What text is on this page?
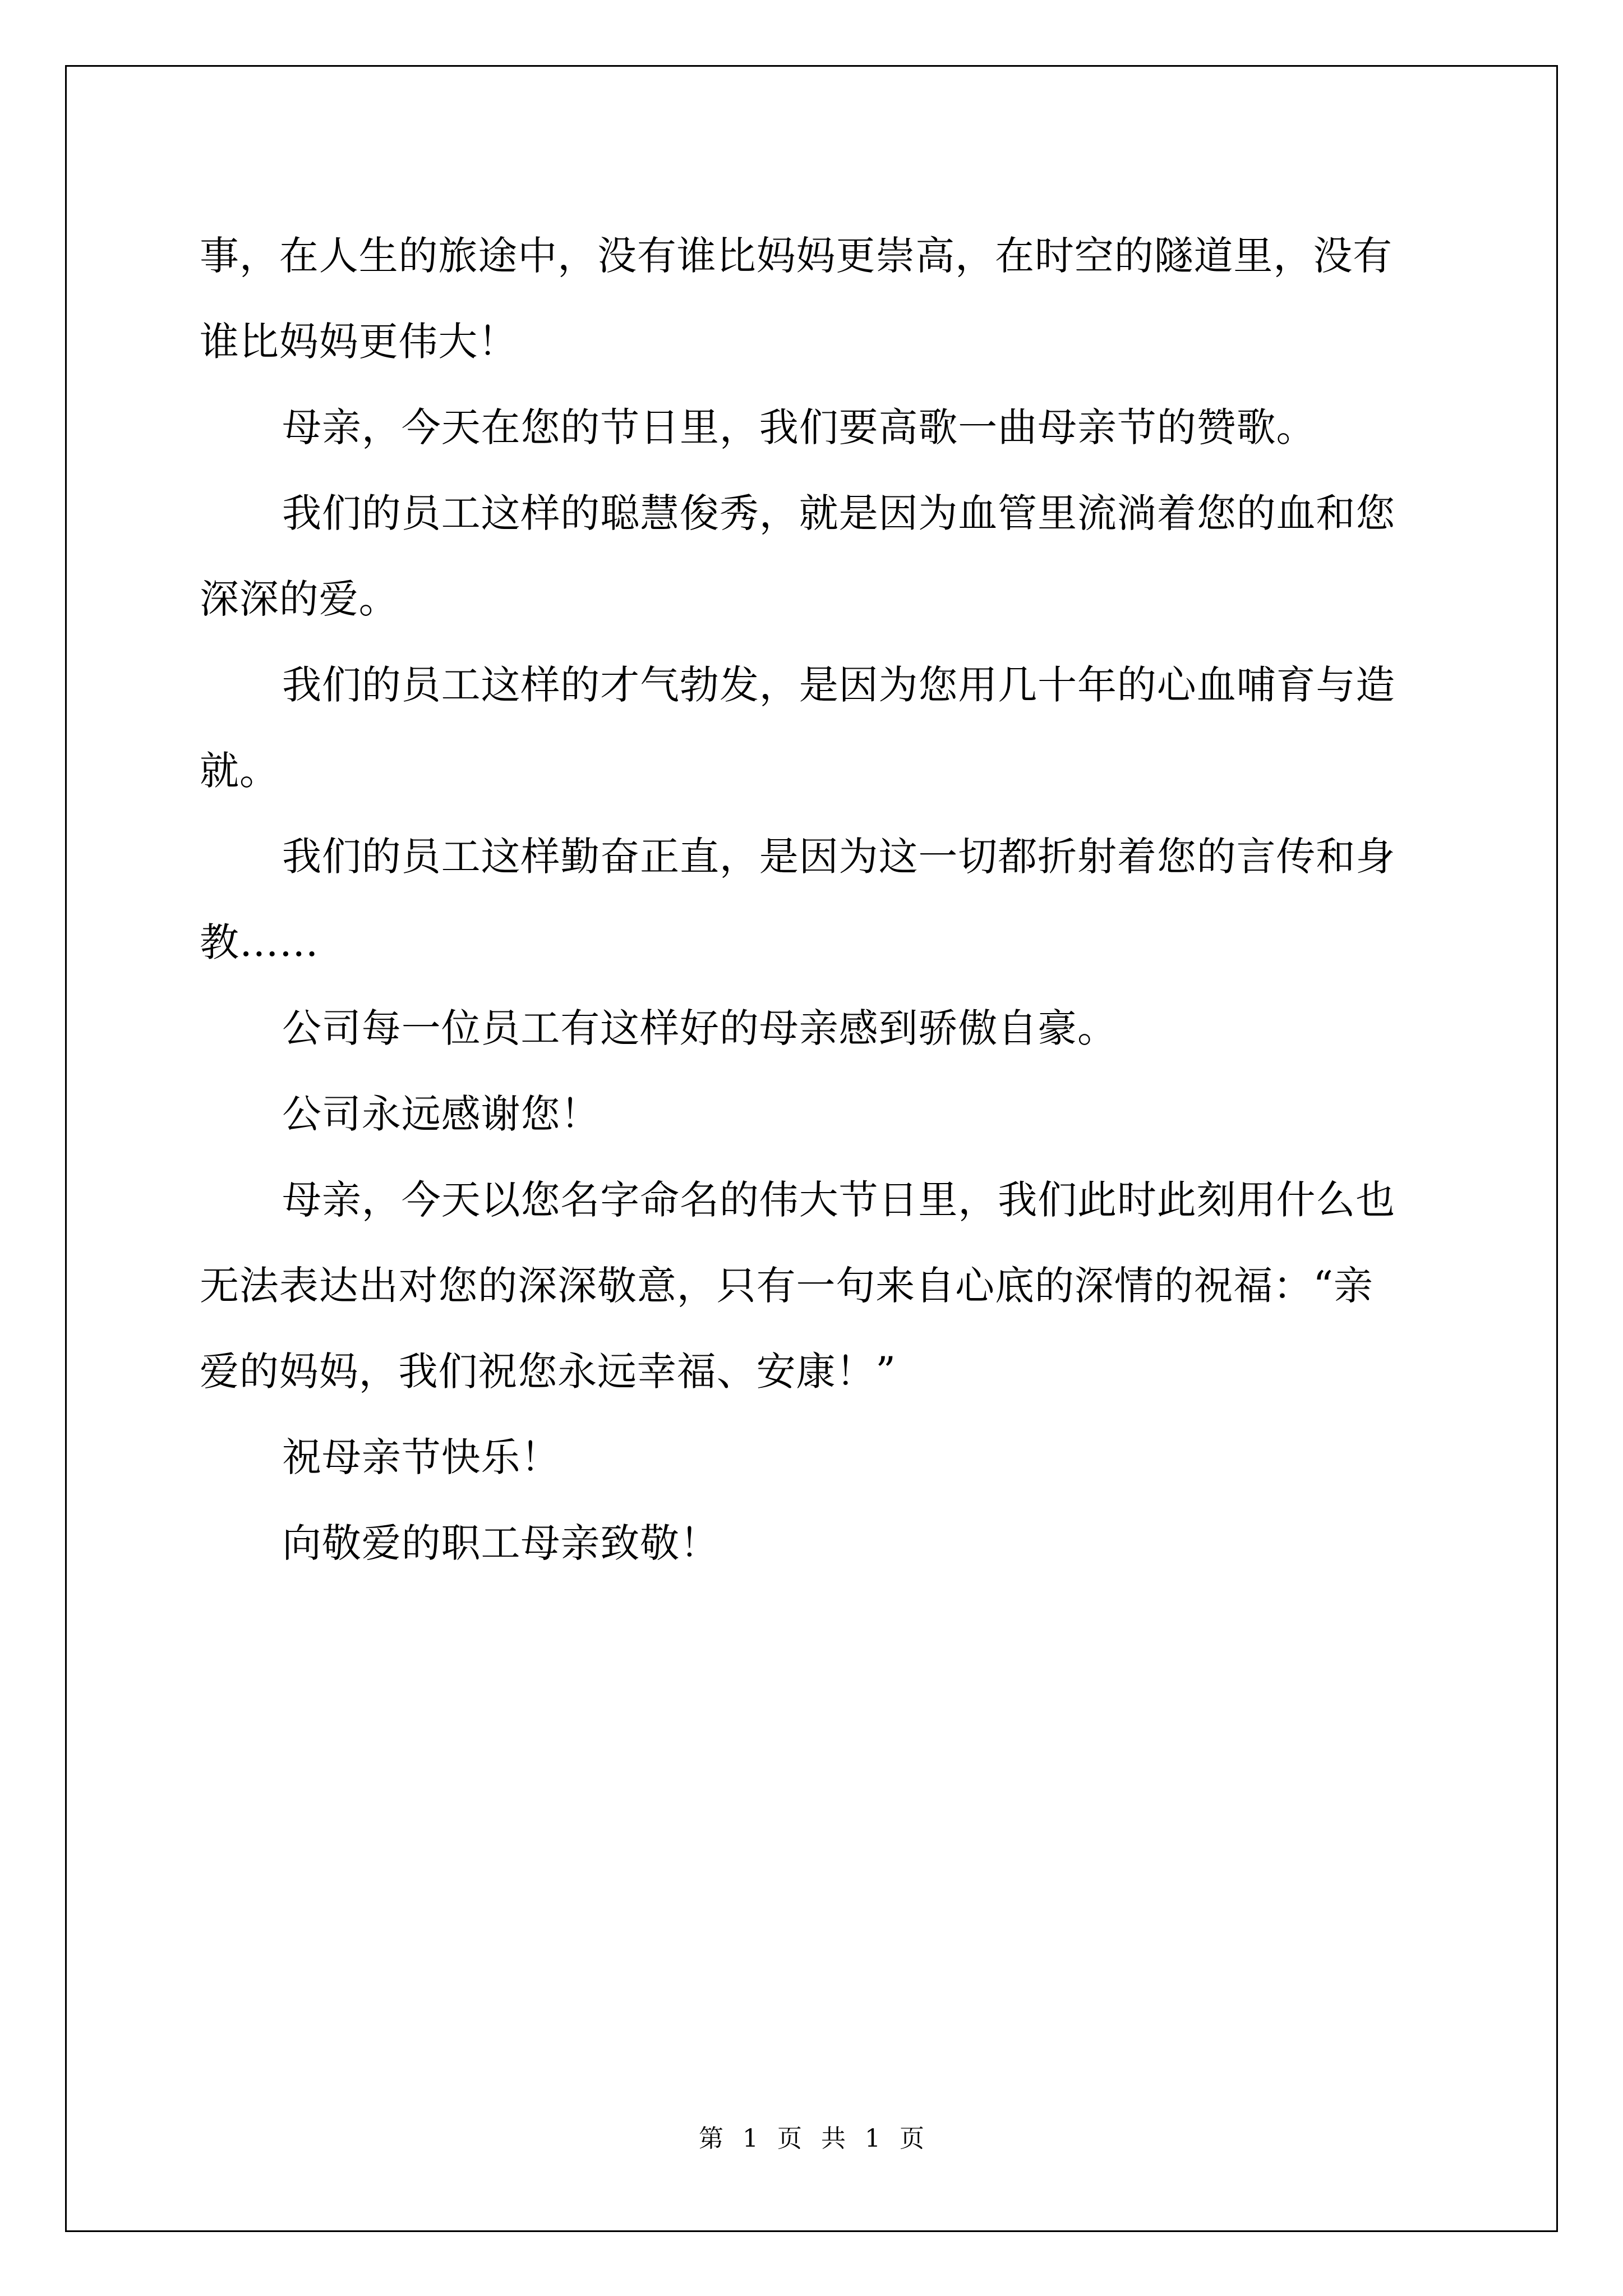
事，在人生的旅途中，没有谁比妈妈更崇高，在时空的隧道里，没有

谁比妈妈更伟大！

母亲，今天在您的节日里，我们要高歌一曲母亲节的赞歌。

我们的员工这样的聪慧俊秀，就是因为血管里流淌着您的血和您

深深的爱。

我们的员工这样的才气勃发，是因为您用几十年的心血哺育与造

就。

我们的员工这样勤奋正直，是因为这一切都折射着您的言传和身

教……

公司每一位员工有这样好的母亲感到骄傲自豪。

公司永远感谢您！

母亲，今天以您名字命名的伟大节日里，我们此时此刻用什么也

无法表达出对您的深深敬意，只有一句来自心底的深情的祝福：“亲

爱的妈妈，我们祝您永远幸福、安康！”

祝母亲节快乐！

向敬爱的职工母亲致敬！

第 1 页 共 1 页
